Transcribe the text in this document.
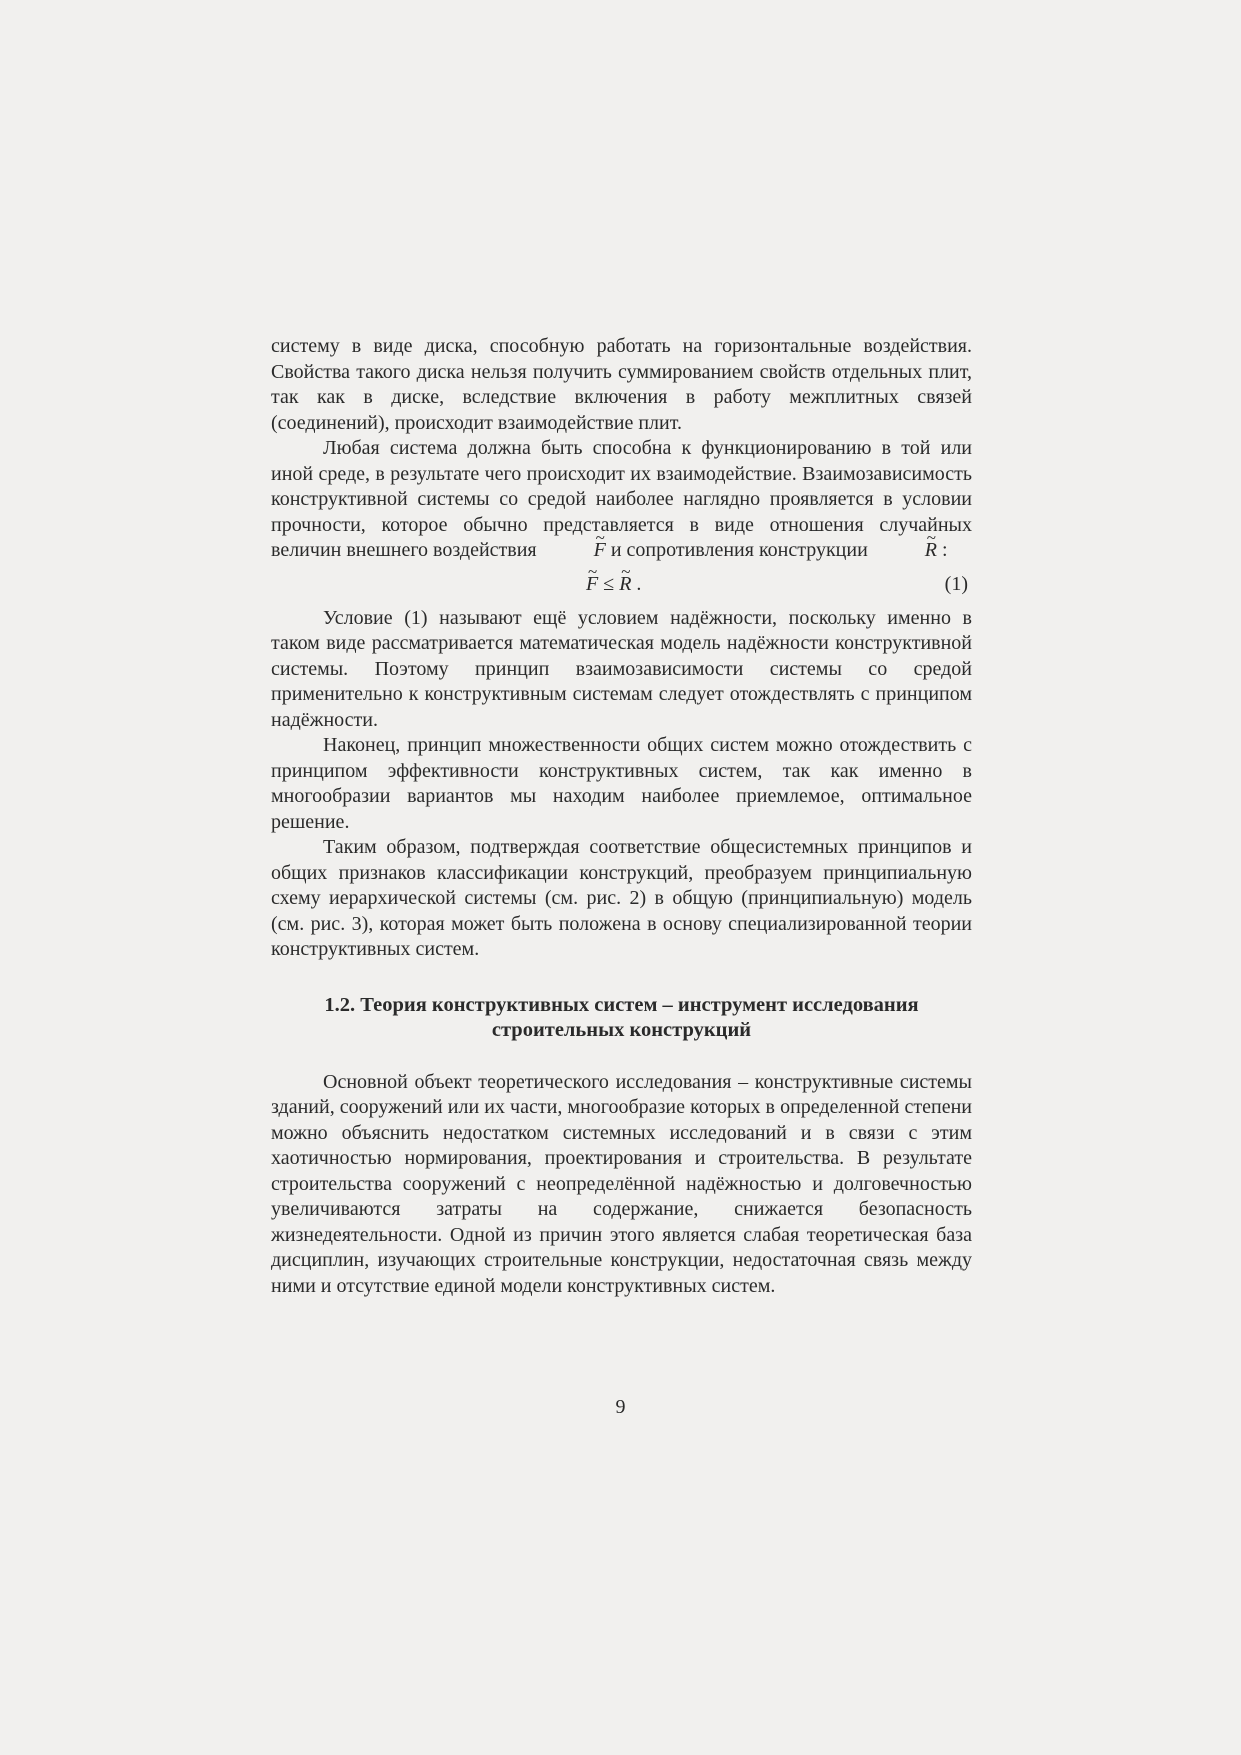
систему в виде диска, способную работать на горизонтальные воздействия. Свойства такого диска нельзя получить суммированием свойств отдельных плит, так как в диске, вследствие включения в работу межплитных связей (соединений), происходит взаимодействие плит.

Любая система должна быть способна к функционированию в той или иной среде, в результате чего происходит их взаимодействие. Взаимозависимость конструктивной системы со средой наиболее наглядно проявляется в условии прочности, которое обычно представляется в виде отношения случайных величин внешнего воздействия	~ F и сопротивления конструкции	~ R :

~ F ≤ ~ R .	(1)

Условие (1) называют ещё условием надёжности, поскольку именно в таком виде рассматривается математическая модель надёжности конструктивной системы. Поэтому принцип взаимозависимости системы со средой применительно к конструктивным системам следует отождествлять с принципом надёжности.

Наконец, принцип множественности общих систем можно отождествить с принципом эффективности конструктивных систем, так как именно в многообразии вариантов мы находим наиболее приемлемое, оптимальное решение.

Таким образом, подтверждая соответствие общесистемных принципов и общих признаков классификации конструкций, преобразуем принципиальную схему иерархической системы (см. рис. 2) в общую (принципиальную) модель (см. рис. 3), которая может быть положена в основу специализированной теории конструктивных систем.

1.2. Теория конструктивных систем – инструмент исследования
строительных конструкций

Основной объект теоретического исследования – конструктивные системы зданий, сооружений или их части, многообразие которых в определенной степени можно объяснить недостатком системных исследований и в связи с этим хаотичностью нормирования, проектирования и строительства. В результате строительства сооружений с неопределённой надёжностью и долговечностью увеличиваются затраты на содержание, снижается безопасность жизнедеятельности. Одной из причин этого является слабая теоретическая база дисциплин, изучающих строительные конструкции, недостаточная связь между ними и отсутствие единой модели конструктивных систем.

9
